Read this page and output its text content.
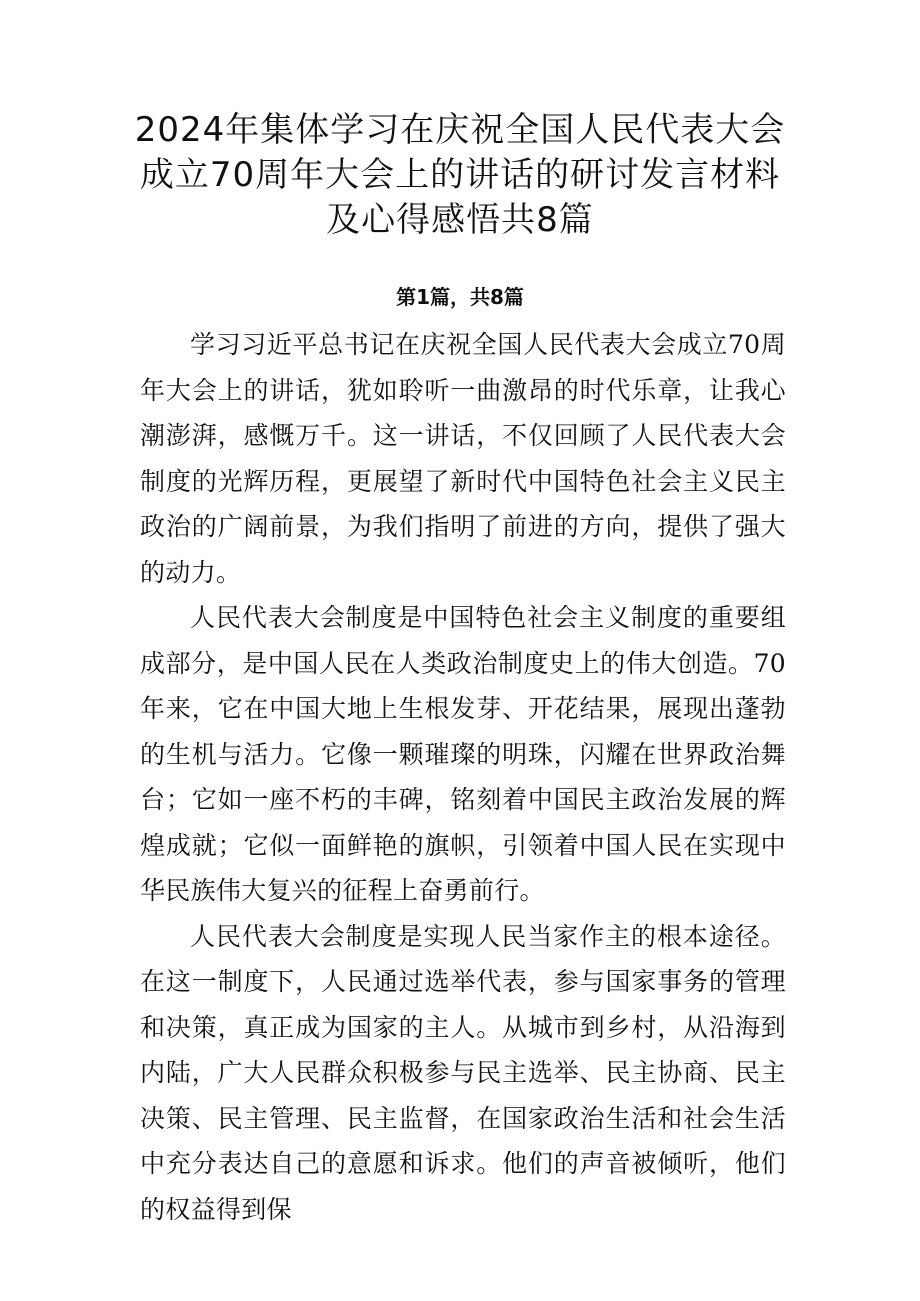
2024年集体学习在庆祝全国人民代表大会
成立70周年大会上的讲话的研讨发言材料
及心得感悟共8篇
第1篇，共8篇

学习习近平总书记在庆祝全国人民代表大会成立70周年大会上的讲话，犹如聆听一曲激昂的时代乐章，让我心潮澎湃，感慨万千。这一讲话，不仅回顾了人民代表大会制度的光辉历程，更展望了新时代中国特色社会主义民主政治的广阔前景，为我们指明了前进的方向，提供了强大的动力。

人民代表大会制度是中国特色社会主义制度的重要组成部分，是中国人民在人类政治制度史上的伟大创造。70年来，它在中国大地上生根发芽、开花结果，展现出蓬勃的生机与活力。它像一颗璀璨的明珠，闪耀在世界政治舞台；它如一座不朽的丰碑，铭刻着中国民主政治发展的辉煌成就；它似一面鲜艳的旗帜，引领着中国人民在实现中华民族伟大复兴的征程上奋勇前行。

人民代表大会制度是实现人民当家作主的根本途径。在这一制度下，人民通过选举代表，参与国家事务的管理和决策，真正成为国家的主人。从城市到乡村，从沿海到内陆，广大人民群众积极参与民主选举、民主协商、民主决策、民主管理、民主监督，在国家政治生活和社会生活中充分表达自己的意愿和诉求。他们的声音被倾听，他们的权益得到保
